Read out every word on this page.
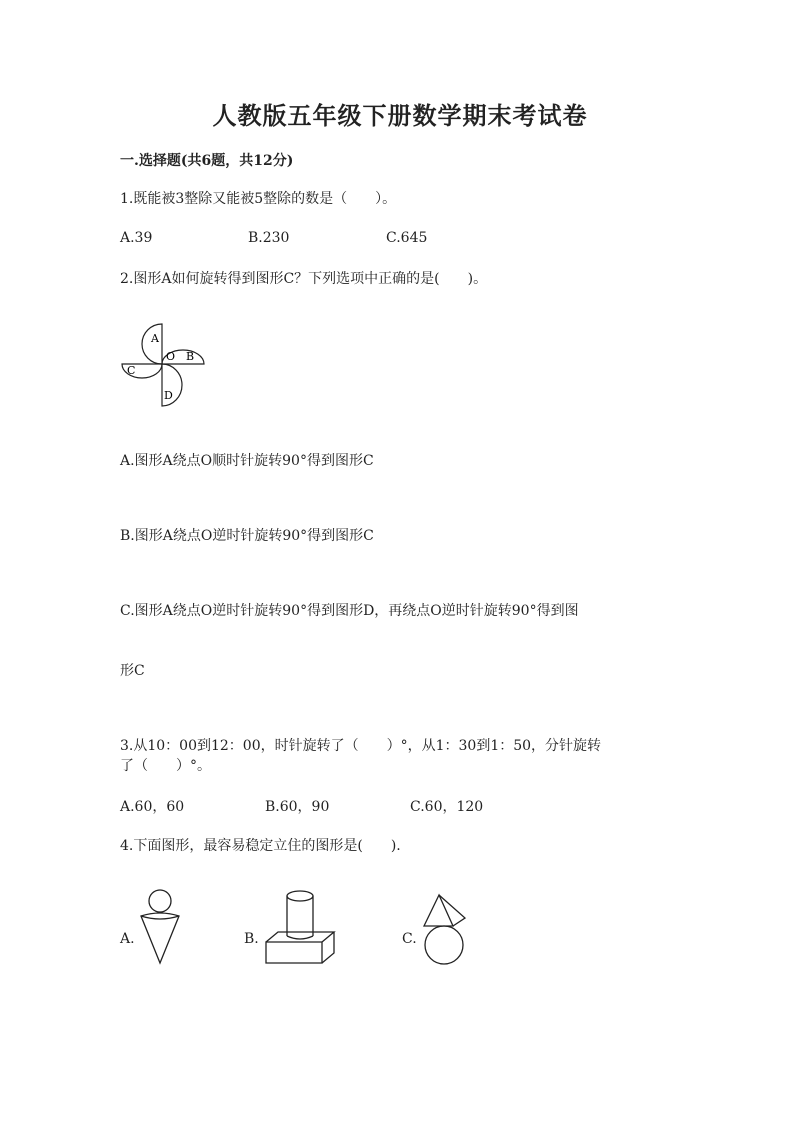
人教版五年级下册数学期末考试卷
一.选择题(共6题，共12分)
1.既能被3整除又能被5整除的数是（　　）。
A.39	B.230	C.645
2.图形A如何旋转得到图形C？下列选项中正确的是(　　)。
A
O B
C
D
A.图形A绕点O顺时针旋转90°得到图形C
B.图形A绕点O逆时针旋转90°得到图形C
C.图形A绕点O逆时针旋转90°得到图形D，再绕点O逆时针旋转90°得到图
形C
3.从10：00到12：00，时针旋转了（　　）°，从1：30到1：50，分针旋转
了（　　）°。
A.60，60	B.60，90	C.60，120
4.下面图形，最容易稳定立住的图形是(　　).
A.	B.	C.
